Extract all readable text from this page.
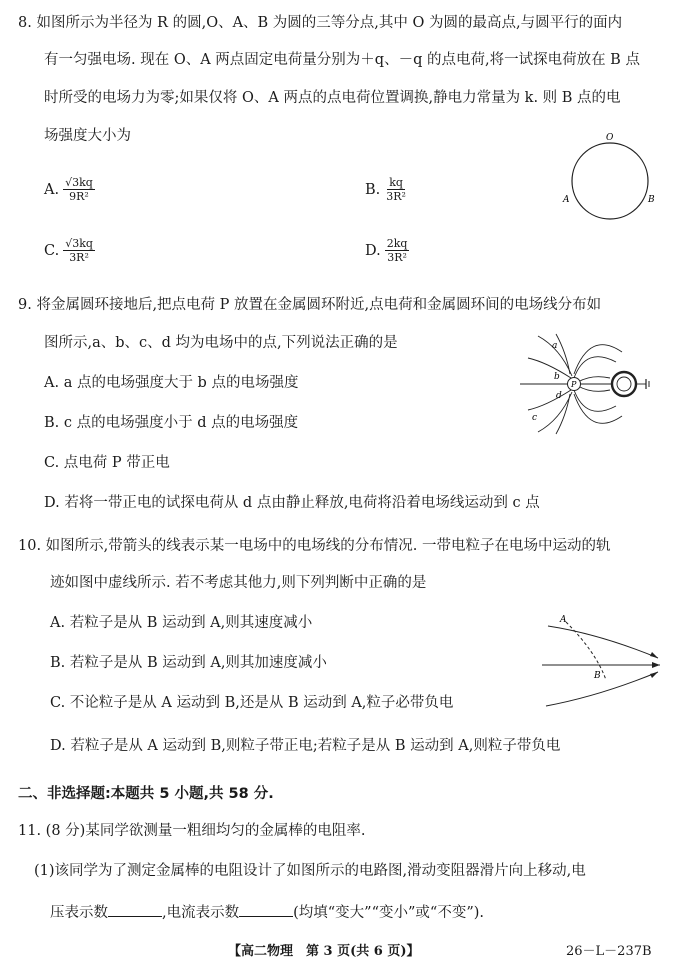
8. 如图所示为半径为 R 的圆,O、A、B 为圆的三等分点,其中 O 为圆的最高点,与圆平行的面内
有一匀强电场. 现在 O、A 两点固定电荷量分别为＋q、－q 的点电荷,将一试探电荷放在 B 点
时所受的电场力为零;如果仅将 O、A 两点的点电荷位置调换,静电力常量为 k. 则 B 点的电
场强度大小为
A. $\frac{√3kq}{\text{9R²}}$	B. $\frac{kq}{\text{3R²}}$
C. $\frac{√3kq}{\text{3R²}}$	D. $\frac{2kq}{\text{3R²}}$
O
A	B
9. 将金属圆环接地后,把点电荷 P 放置在金属圆环附近,点电荷和金属圆环间的电场线分布如
图所示,a、b、c、d 均为电场中的点,下列说法正确的是
A. a 点的电场强度大于 b 点的电场强度
B. c 点的电场强度小于 d 点的电场强度
C. 点电荷 P 带正电
D. 若将一带正电的试探电荷从 d 点由静止释放,电荷将沿着电场线运动到 c 点
P
a
b
c
d
10. 如图所示,带箭头的线表示某一电场中的电场线的分布情况. 一带电粒子在电场中运动的轨
迹如图中虚线所示. 若不考虑其他力,则下列判断中正确的是
A. 若粒子是从 B 运动到 A,则其速度减小
B. 若粒子是从 B 运动到 A,则其加速度减小
C. 不论粒子是从 A 运动到 B,还是从 B 运动到 A,粒子必带负电
D. 若粒子是从 A 运动到 B,则粒子带正电;若粒子是从 B 运动到 A,则粒子带负电
A
B
二、非选择题:本题共 5 小题,共 58 分.
11. (8 分)某同学欲测量一粗细均匀的金属棒的电阻率.
(1)该同学为了测定金属棒的电阻设计了如图所示的电路图,滑动变阻器滑片向上移动,电
压表示数	,电流表示数	(均填“变大”“变小”或“不变”).
【高二物理　第 3 页(共 6 页)】	26－L－237B
